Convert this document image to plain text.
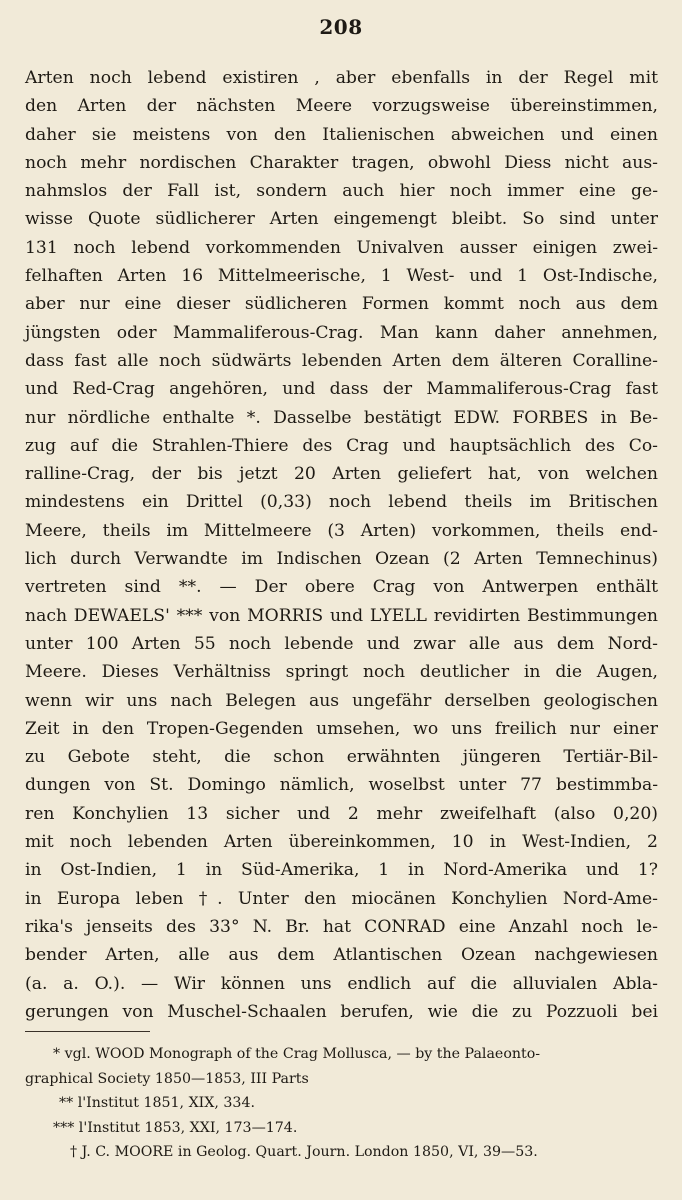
208
Arten noch lebend existiren , aber ebenfalls in der Regel mit
den Arten der nächsten Meere vorzugsweise übereinstimmen,
daher sie meistens von den Italienischen abweichen und einen
noch mehr nordischen Charakter tragen, obwohl Diess nicht aus-
nahmslos der Fall ist, sondern auch hier noch immer eine ge-
wisse Quote südlicherer Arten eingemengt bleibt. So sind unter
131 noch lebend vorkommenden Univalven ausser einigen zwei-
felhaften Arten 16 Mittelmeerische, 1 West- und 1 Ost-Indische,
aber nur eine dieser südlicheren Formen kommt noch aus dem
jüngsten oder Mammaliferous-Crag. Man kann daher annehmen,
dass fast alle noch südwärts lebenden Arten dem älteren Coralline-
und Red-Crag angehören, und dass der Mammaliferous-Crag fast
nur nördliche enthalte *. Dasselbe bestätigt EDW. FORBES in Be-
zug auf die Strahlen-Thiere des Crag und hauptsächlich des Co-
ralline-Crag, der bis jetzt 20 Arten geliefert hat, von welchen
mindestens ein Drittel (0,33) noch lebend theils im Britischen
Meere, theils im Mittelmeere (3 Arten) vorkommen, theils end-
lich durch Verwandte im Indischen Ozean (2 Arten Temnechinus)
vertreten sind **. — Der obere Crag von Antwerpen enthält
nach DEWAELS' *** von MORRIS und LYELL revidirten Bestimmungen
unter 100 Arten 55 noch lebende und zwar alle aus dem Nord-
Meere. Dieses Verhältniss springt noch deutlicher in die Augen,
wenn wir uns nach Belegen aus ungefähr derselben geologischen
Zeit in den Tropen-Gegenden umsehen, wo uns freilich nur einer
zu Gebote steht, die schon erwähnten jüngeren Tertiär-Bil-
dungen von St. Domingo nämlich, woselbst unter 77 bestimmba-
ren Konchylien 13 sicher und 2 mehr zweifelhaft (also 0,20)
mit noch lebenden Arten übereinkommen, 10 in West-Indien, 2
in Ost-Indien, 1 in Süd-Amerika, 1 in Nord-Amerika und 1?
in Europa leben †. Unter den miocänen Konchylien Nord-Ame-
rika's jenseits des 33° N. Br. hat CONRAD eine Anzahl noch le-
bender Arten, alle aus dem Atlantischen Ozean nachgewiesen
(a. a. O.). — Wir können uns endlich auf die alluvialen Abla-
gerungen von Muschel-Schaalen berufen, wie die zu Pozzuoli bei
* vgl. WOOD Monograph of the Crag Mollusca, — by the Palaeonto-
graphical Society 1850—1853, III Parts
** l'Institut 1851, XIX, 334.
*** l'Institut 1853, XXI, 173—174.
† J. C. MOORE in Geolog. Quart. Journ. London 1850, VI, 39—53.
